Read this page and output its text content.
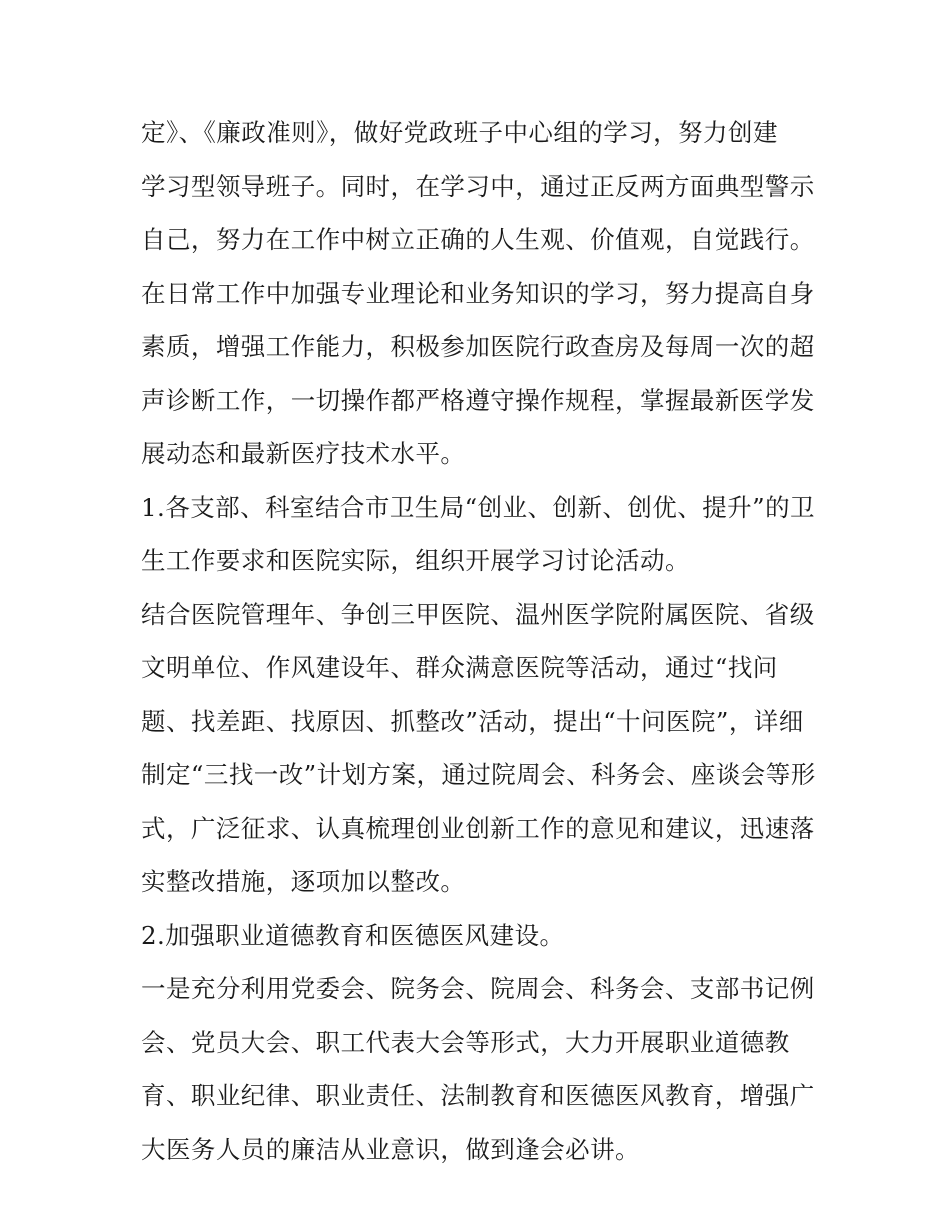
定》、《廉政准则》，做好党政班子中心组的学习，努力创建
学习型领导班子。同时，在学习中，通过正反两方面典型警示
自己，努力在工作中树立正确的人生观、价值观，自觉践行。
在日常工作中加强专业理论和业务知识的学习，努力提高自身
素质，增强工作能力，积极参加医院行政查房及每周一次的超
声诊断工作，一切操作都严格遵守操作规程，掌握最新医学发
展动态和最新医疗技术水平。
1.各支部、科室结合市卫生局“创业、创新、创优、提升”的卫
生工作要求和医院实际，组织开展学习讨论活动。
结合医院管理年、争创三甲医院、温州医学院附属医院、省级
文明单位、作风建设年、群众满意医院等活动，通过“找问
题、找差距、找原因、抓整改”活动，提出“十问医院”，详细
制定“三找一改”计划方案，通过院周会、科务会、座谈会等形
式，广泛征求、认真梳理创业创新工作的意见和建议，迅速落
实整改措施，逐项加以整改。
2.加强职业道德教育和医德医风建设。
一是充分利用党委会、院务会、院周会、科务会、支部书记例
会、党员大会、职工代表大会等形式，大力开展职业道德教
育、职业纪律、职业责任、法制教育和医德医风教育，增强广
大医务人员的廉洁从业意识，做到逢会必讲。
